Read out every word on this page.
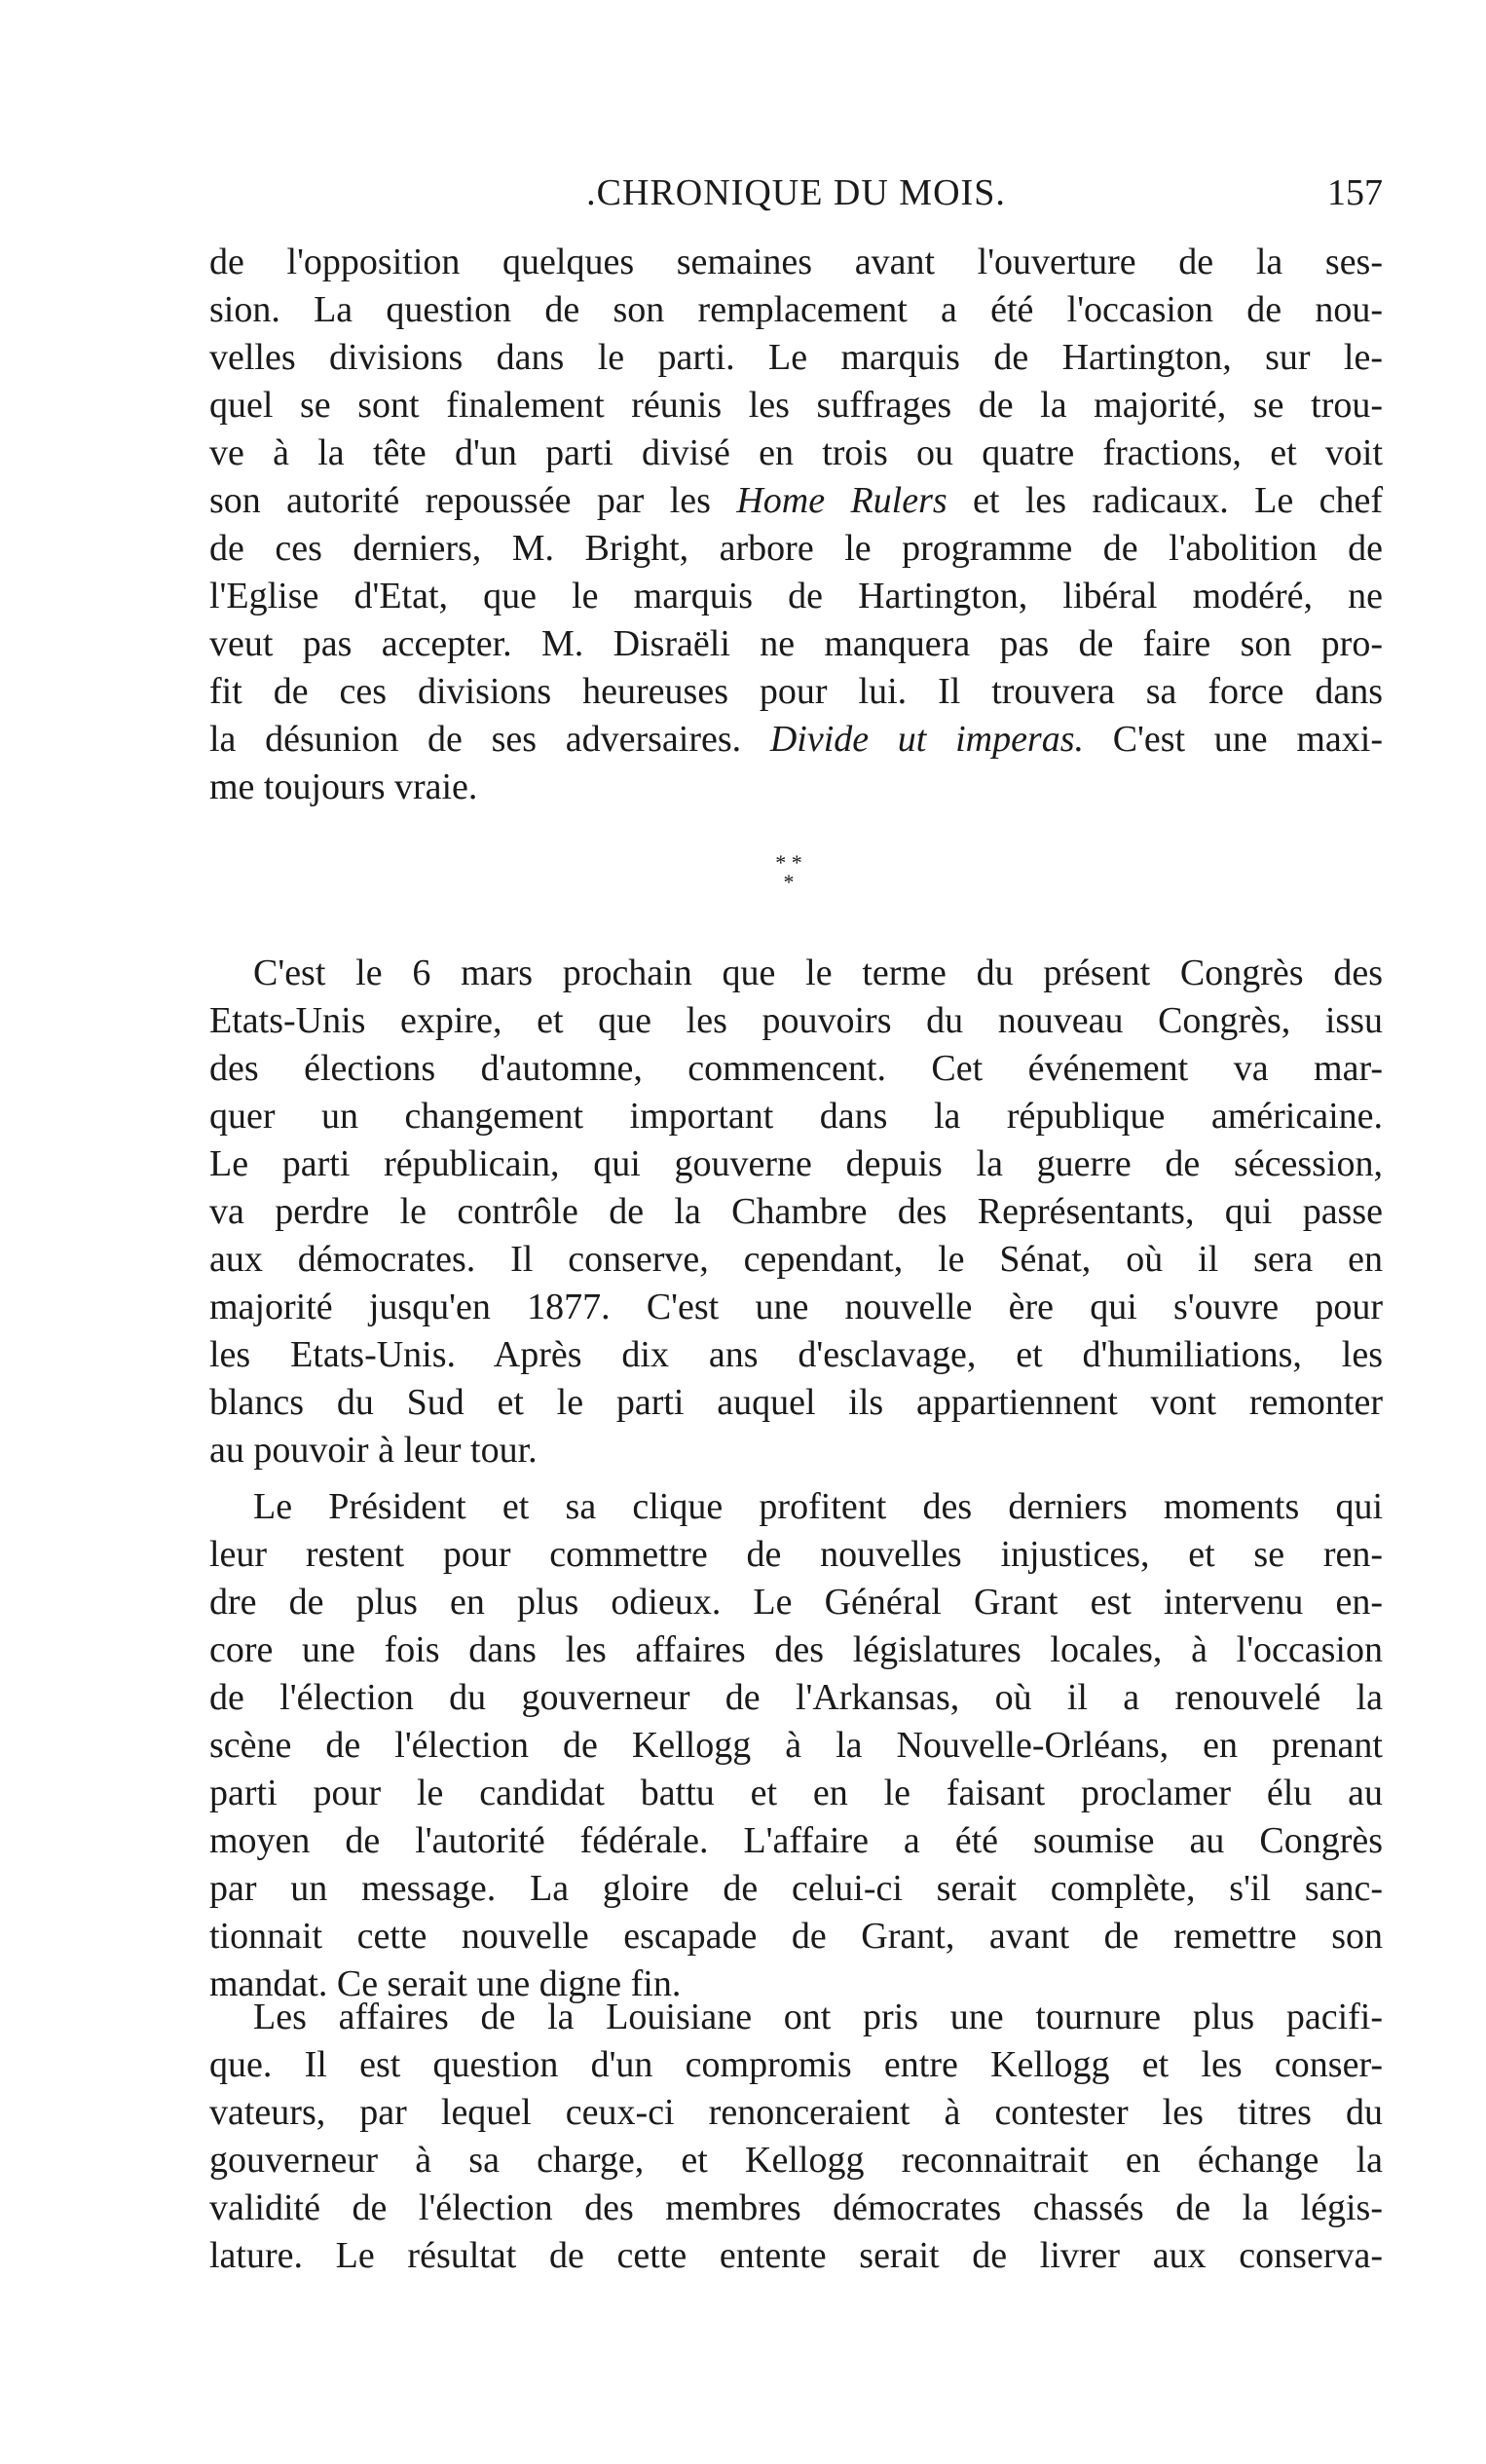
.CHRONIQUE DU MOIS.	157
de l'opposition quelques semaines avant l'ouverture de la ses-
sion. La question de son remplacement a été l'occasion de nou-
velles divisions dans le parti. Le marquis de Hartington, sur le-
quel se sont finalement réunis les suffrages de la majorité, se trou-
ve à la tête d'un parti divisé en trois ou quatre fractions, et voit
son autorité repoussée par les Home Rulers et les radicaux. Le chef
de ces derniers, M. Bright, arbore le programme de l'abolition de
l'Eglise d'Etat, que le marquis de Hartington, libéral modéré, ne
veut pas accepter. M. Disraëli ne manquera pas de faire son pro-
fit de ces divisions heureuses pour lui. Il trouvera sa force dans
la désunion de ses adversaires. Divide ut imperas. C'est une maxi-
me toujours vraie.
* *
*
C'est le 6 mars prochain que le terme du présent Congrès des
Etats-Unis expire, et que les pouvoirs du nouveau Congrès, issu
des élections d'automne, commencent. Cet événement va mar-
quer un changement important dans la république américaine.
Le parti républicain, qui gouverne depuis la guerre de sécession,
va perdre le contrôle de la Chambre des Représentants, qui passe
aux démocrates. Il conserve, cependant, le Sénat, où il sera en
majorité jusqu'en 1877. C'est une nouvelle ère qui s'ouvre pour
les Etats-Unis. Après dix ans d'esclavage, et d'humiliations, les
blancs du Sud et le parti auquel ils appartiennent vont remonter
au pouvoir à leur tour.
Le Président et sa clique profitent des derniers moments qui
leur restent pour commettre de nouvelles injustices, et se ren-
dre de plus en plus odieux. Le Général Grant est intervenu en-
core une fois dans les affaires des législatures locales, à l'occasion
de l'élection du gouverneur de l'Arkansas, où il a renouvelé la
scène de l'élection de Kellogg à la Nouvelle-Orléans, en prenant
parti pour le candidat battu et en le faisant proclamer élu au
moyen de l'autorité fédérale. L'affaire a été soumise au Congrès
par un message. La gloire de celui-ci serait complète, s'il sanc-
tionnait cette nouvelle escapade de Grant, avant de remettre son
mandat. Ce serait une digne fin.
Les affaires de la Louisiane ont pris une tournure plus pacifi-
que. Il est question d'un compromis entre Kellogg et les conser-
vateurs, par lequel ceux-ci renonceraient à contester les titres du
gouverneur à sa charge, et Kellogg reconnaitrait en échange la
validité de l'élection des membres démocrates chassés de la légis-
lature. Le résultat de cette entente serait de livrer aux conserva-
